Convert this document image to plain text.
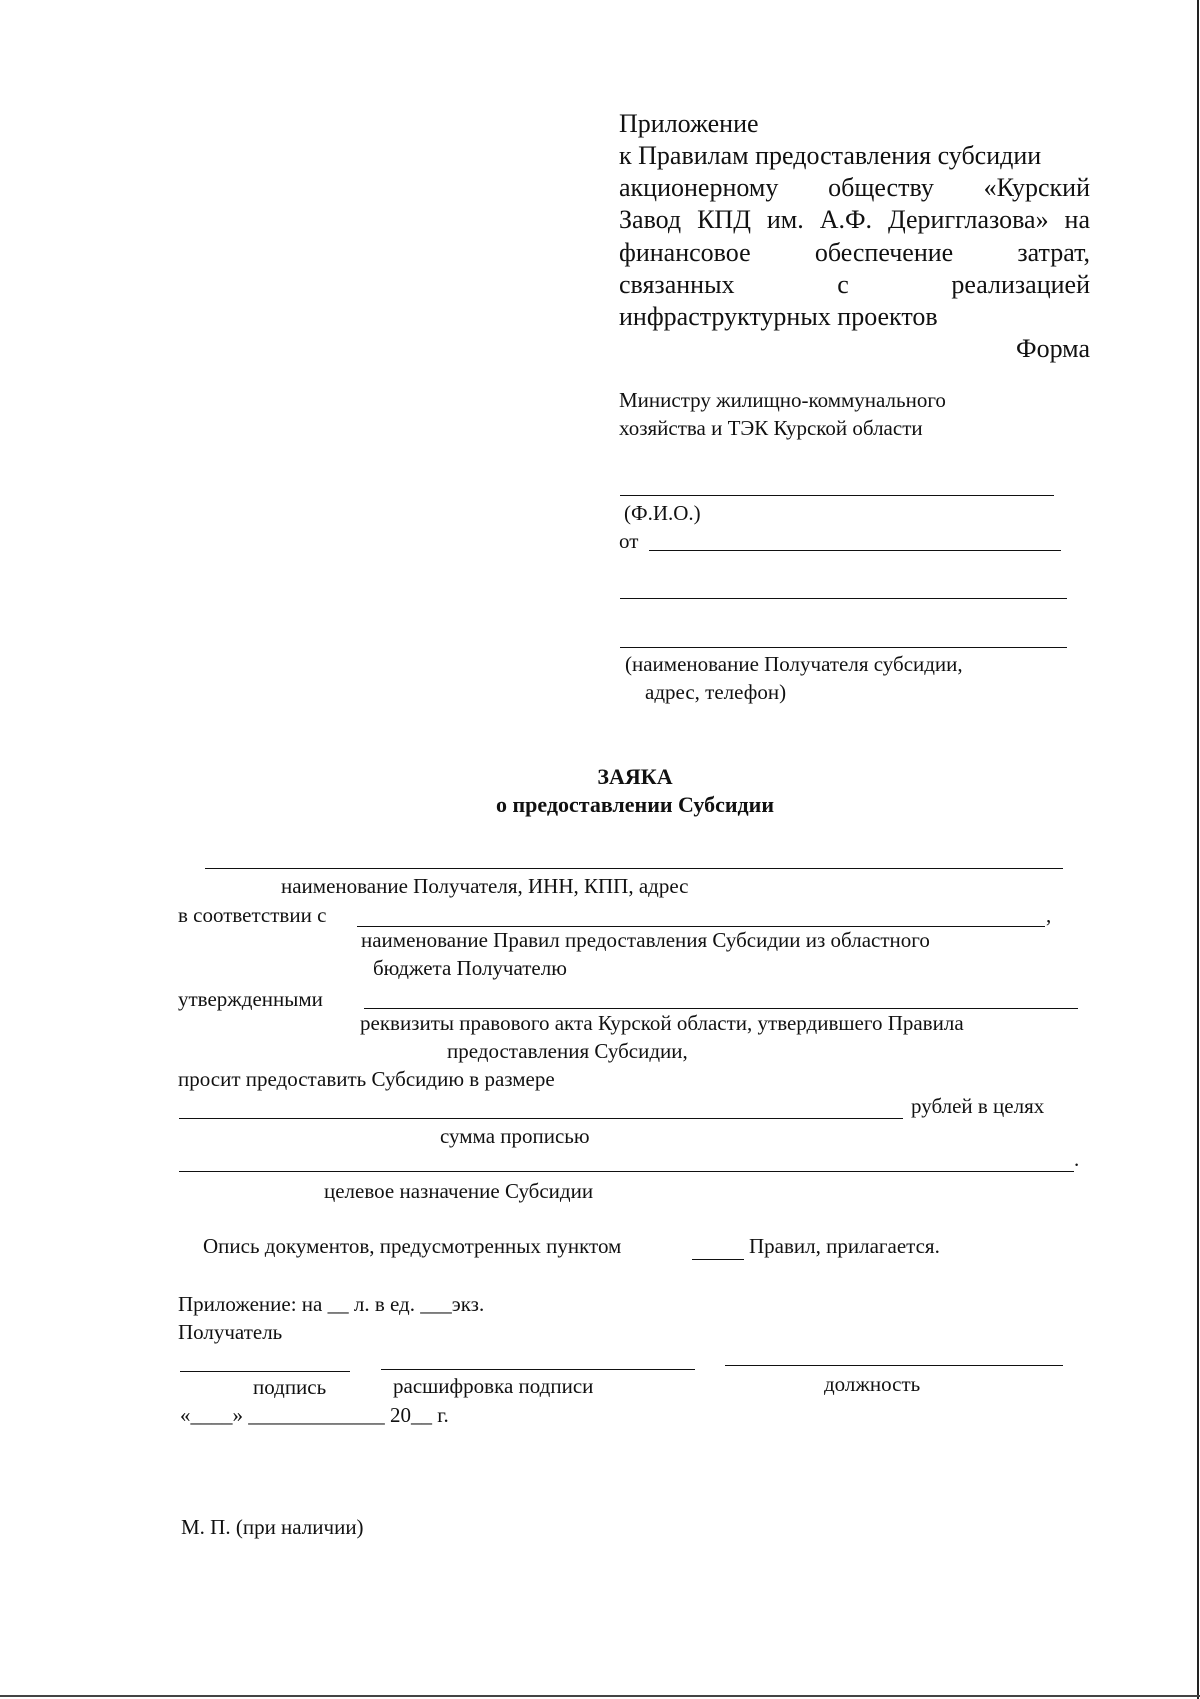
Приложение
к Правилам предоставления субсидии
акционерному обществу «Курский
Завод КПД им. А.Ф. Деригглазова» на
финансовое обеспечение затрат,
связанных с реализацией
инфраструктурных проектов
Форма
Министру жилищно-коммунального
хозяйства и ТЭК Курской области
(Ф.И.О.)
от
(наименование Получателя субсидии,
адрес, телефон)
ЗАЯКА
о предоставлении Субсидии
наименование Получателя, ИНН, КПП, адрес
в соответствии с	,
наименование Правил предоставления Субсидии из областного
бюджета Получателю
утвержденными
реквизиты правового акта Курской области, утвердившего Правила
предоставления Субсидии,
просит предоставить Субсидию в размере
рублей в целях
сумма прописью
.
целевое назначение Субсидии
Опись документов, предусмотренных пунктом	Правил, прилагается.
Приложение: на __ л. в ед. ___экз.
Получатель
подпись	расшифровка подписи	должность
«____» _____________ 20__ г.
М. П. (при наличии)
